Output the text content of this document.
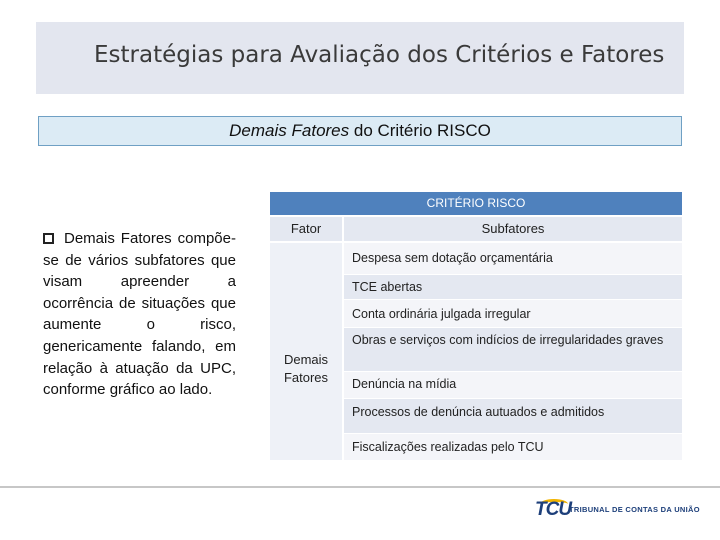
Estratégias para Avaliação dos Critérios e Fatores
Demais Fatores do Critério RISCO
Demais Fatores compõe-se de vários subfatores que visam apreender a ocorrência de situações que aumente o risco, genericamente falando, em relação à atuação da UPC, conforme gráfico ao lado.
CRITÉRIO RISCO
Fator
Demais
Fatores
Subfatores
Despesa sem dotação orçamentária
TCE abertas
Conta ordinária julgada irregular
Obras e serviços com indícios de irregularidades graves
Denúncia na mídia
Processos de denúncia autuados e admitidos
Fiscalizações realizadas pelo TCU
TCU
TRIBUNAL DE CONTAS DA UNIÃO
